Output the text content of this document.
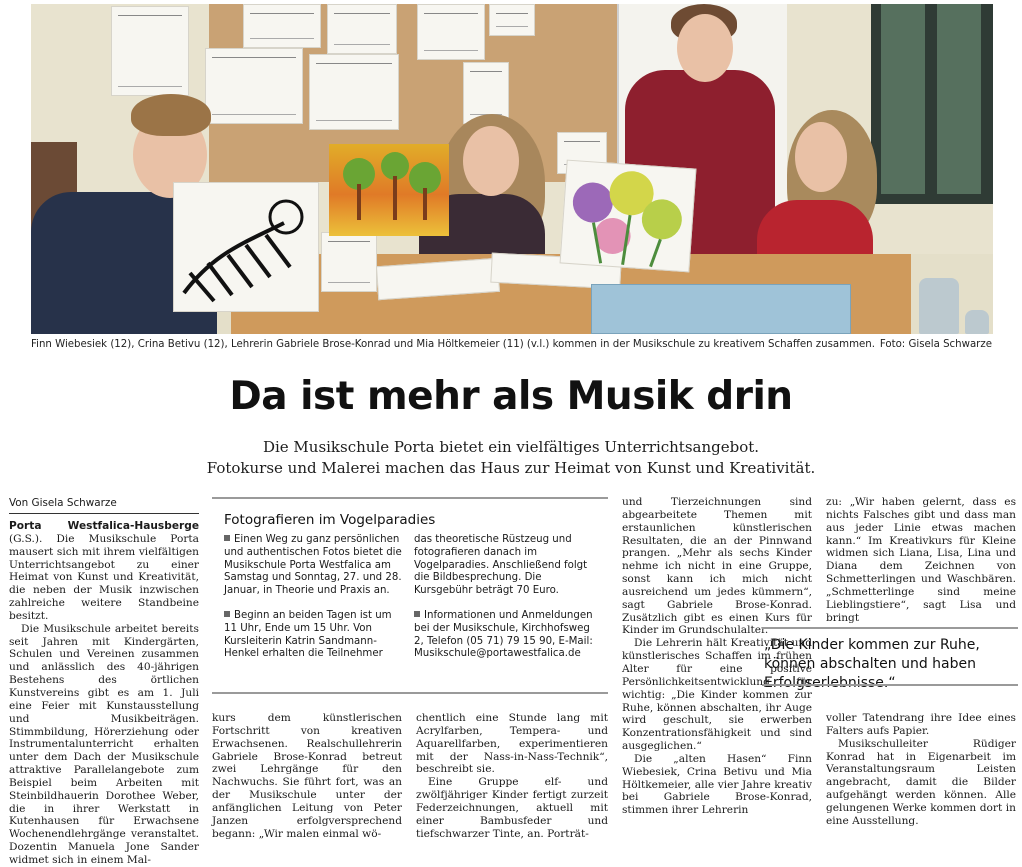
Finn Wiebesiek (12), Crina Betivu (12), Lehrerin Gabriele Brose-Konrad und Mia Höltkemeier (11) (v.l.) kommen in der Musikschule zu kreativem Schaffen zusammen. Foto: Gisela Schwarze
Da ist mehr als Musik drin
Die Musikschule Porta bietet ein vielfältiges Unterrichtsangebot.
Fotokurse und Malerei machen das Haus zur Heimat von Kunst und Kreativität.
Von Gisela Schwarze

Porta Westfalica-Hausberge (G.S.). Die Musikschule Porta mausert sich mit ihrem vielfältigen Unterrichtsangebot zu einer Heimat von Kunst und Kreativität, die neben der Musik inzwischen zahlreiche weitere Standbeine besitzt.

Die Musikschule arbeitet bereits seit Jahren mit Kindergärten, Schulen und Vereinen zusammen und anlässlich des 40-jährigen Bestehens des örtlichen Kunstvereins gibt es am 1. Juli eine Feier mit Kunstausstellung und Musikbeiträgen. Stimmbildung, Hörerziehung oder Instrumentalunterricht erhalten unter dem Dach der Musikschule attraktive Parallelangebote zum Beispiel beim Arbeiten mit Steinbildhauerin Dorothee Weber, die in ihrer Werkstatt in Kutenhausen für Erwachsene Wochenendlehrgänge veranstaltet. Dozentin Manuela Jone Sander widmet sich in einem Mal-

Fotografieren im Vogelparadies

Einen Weg zu ganz persönlichen und authentischen Fotos bietet die Musikschule Porta Westfalica am Samstag und Sonntag, 27. und 28. Januar, in Theorie und Praxis an.

Beginn an beiden Tagen ist um 11 Uhr, Ende um 15 Uhr. Von Kursleiterin Katrin Sandmann-Henkel erhalten die Teilnehmer

das theoretische Rüstzeug und fotografieren danach im Vogelparadies. Anschließend folgt die Bildbesprechung. Die Kursgebühr beträgt 70 Euro.

Informationen und Anmeldungen bei der Musikschule, Kirchhofsweg 2, Telefon (05 71) 79 15 90, E-Mail: Musikschule@portawestfalica.de

kurs dem künstlerischen Fortschritt von kreativen Erwachsenen. Realschullehrerin Gabriele Brose-Konrad betreut zwei Lehrgänge für den Nachwuchs. Sie führt fort, was an der Musikschule unter der anfänglichen Leitung von Peter Janzen erfolgversprechend begann: „Wir malen einmal wö-

chentlich eine Stunde lang mit Acrylfarben, Tempera- und Aquarellfarben, experimentieren mit der Nass-in-Nass-Technik“, beschreibt sie.

Eine Gruppe elf- und zwölfjähriger Kinder fertigt zurzeit Federzeichnungen, aktuell mit einer Bambusfeder und tiefschwarzer Tinte, an. Porträt-

und Tierzeichnungen sind abgearbeitete Themen mit erstaunlichen künstlerischen Resultaten, die an der Pinnwand prangen. „Mehr als sechs Kinder nehme ich nicht in eine Gruppe, sonst kann ich mich nicht ausreichend um jedes kümmern“, sagt Gabriele Brose-Konrad. Zusätzlich gibt es einen Kurs für Kinder im Grundschulalter.

Die Lehrerin hält Kreativität und künstlerisches Schaffen im frühen Alter für eine positive Persönlichkeitsentwicklung für wichtig: „Die Kinder kommen zur Ruhe, können abschalten, ihr Auge wird geschult, sie erwerben Konzentrationsfähigkeit und sind ausgeglichen.“

Die „alten Hasen“ Finn Wiebesiek, Crina Betivu und Mia Höltkemeier, alle vier Jahre kreativ bei Gabriele Brose-Konrad, stimmen ihrer Lehrerin

zu: „Wir haben gelernt, dass es nichts Falsches gibt und dass man aus jeder Linie etwas machen kann.“ Im Kreativkurs für Kleine widmen sich Liana, Lisa, Lina und Diana dem Zeichnen von Schmetterlingen und Waschbären. „Schmetterlinge sind meine Lieblingstiere“, sagt Lisa und bringt

„Die Kinder kommen zur Ruhe, können abschalten und haben Erfolgserlebnisse.“

voller Tatendrang ihre Idee eines Falters aufs Papier.

Musikschulleiter Rüdiger Konrad hat in Eigenarbeit im Veranstaltungsraum Leisten angebracht, damit die Bilder aufgehängt werden können. Alle gelungenen Werke kommen dort in eine Ausstellung.
